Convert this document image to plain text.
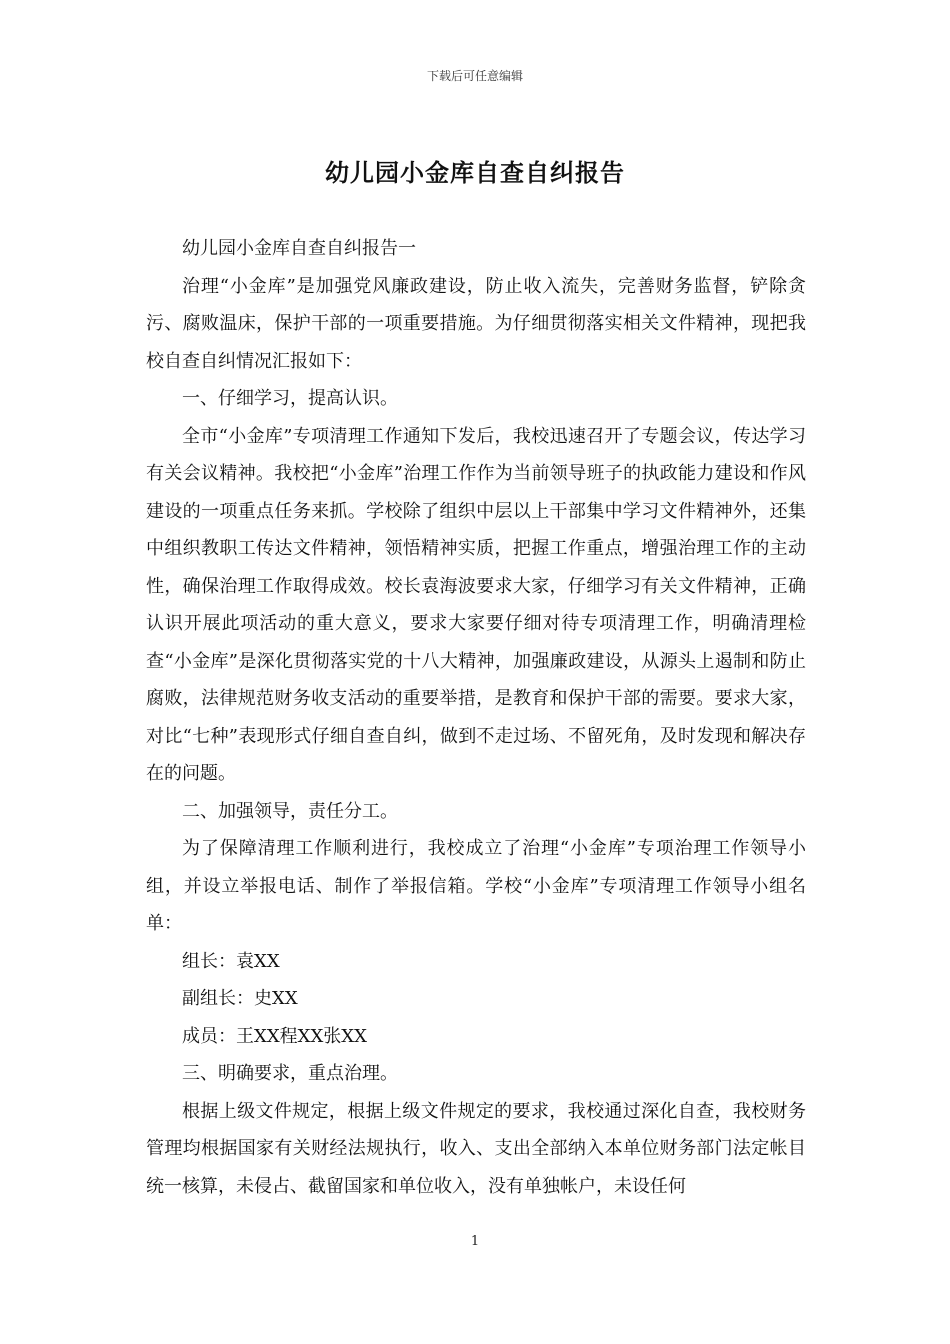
下载后可任意编辑
幼儿园小金库自查自纠报告

幼儿园小金库自查自纠报告一

治理“小金库”是加强党风廉政建设，防止收入流失，完善财务监督，铲除贪污、腐败温床，保护干部的一项重要措施。为仔细贯彻落实相关文件精神，现把我校自查自纠情况汇报如下：

一、仔细学习，提高认识。

全市“小金库”专项清理工作通知下发后，我校迅速召开了专题会议，传达学习有关会议精神。我校把“小金库”治理工作作为当前领导班子的执政能力建设和作风建设的一项重点任务来抓。学校除了组织中层以上干部集中学习文件精神外，还集中组织教职工传达文件精神，领悟精神实质，把握工作重点，增强治理工作的主动性，确保治理工作取得成效。校长袁海波要求大家，仔细学习有关文件精神，正确认识开展此项活动的重大意义，要求大家要仔细对待专项清理工作，明确清理检查“小金库”是深化贯彻落实党的十八大精神，加强廉政建设，从源头上遏制和防止腐败，法律规范财务收支活动的重要举措，是教育和保护干部的需要。要求大家，对比“七种”表现形式仔细自查自纠，做到不走过场、不留死角，及时发现和解决存在的问题。

二、加强领导，责任分工。

为了保障清理工作顺利进行，我校成立了治理“小金库”专项治理工作领导小组，并设立举报电话、制作了举报信箱。学校“小金库”专项清理工作领导小组名单：

组长：袁XX

副组长：史XX

成员：王XX程XX张XX

三、明确要求，重点治理。

根据上级文件规定，根据上级文件规定的要求，我校通过深化自查，我校财务管理均根据国家有关财经法规执行，收入、支出全部纳入本单位财务部门法定帐目统一核算，未侵占、截留国家和单位收入，没有单独帐户，未设任何

1
